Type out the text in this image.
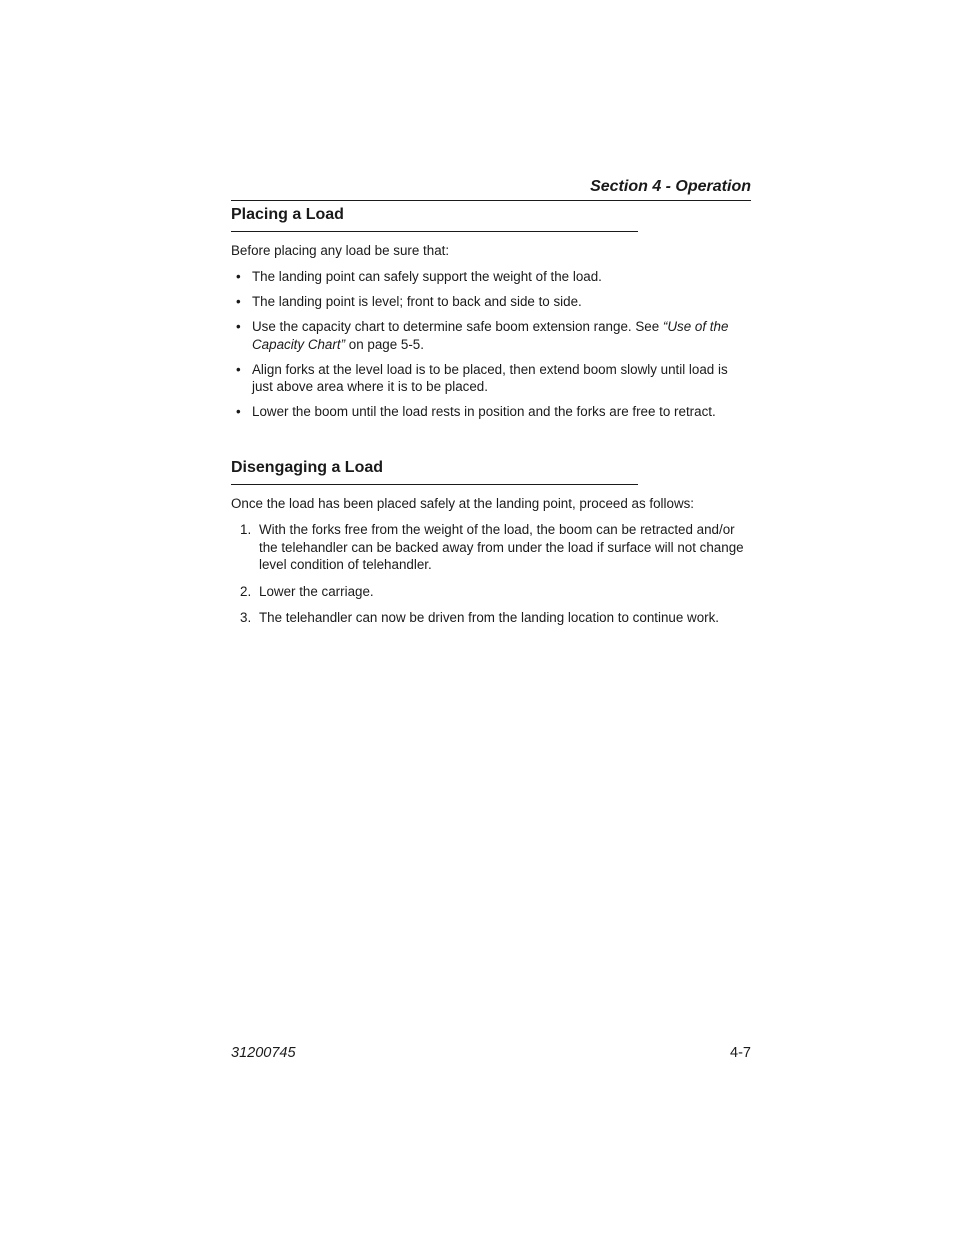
Section 4 - Operation
Placing a Load

Before placing any load be sure that:

• The landing point can safely support the weight of the load.
• The landing point is level; front to back and side to side.
• Use the capacity chart to determine safe boom extension range. See “Use of the Capacity Chart” on page 5-5.
• Align forks at the level load is to be placed, then extend boom slowly until load is just above area where it is to be placed.
• Lower the boom until the load rests in position and the forks are free to retract.
Disengaging a Load

Once the load has been placed safely at the landing point, proceed as follows:

1. With the forks free from the weight of the load, the boom can be retracted and/or the telehandler can be backed away from under the load if surface will not change level condition of telehandler.
2. Lower the carriage.
3. The telehandler can now be driven from the landing location to continue work.
31200745	4-7
